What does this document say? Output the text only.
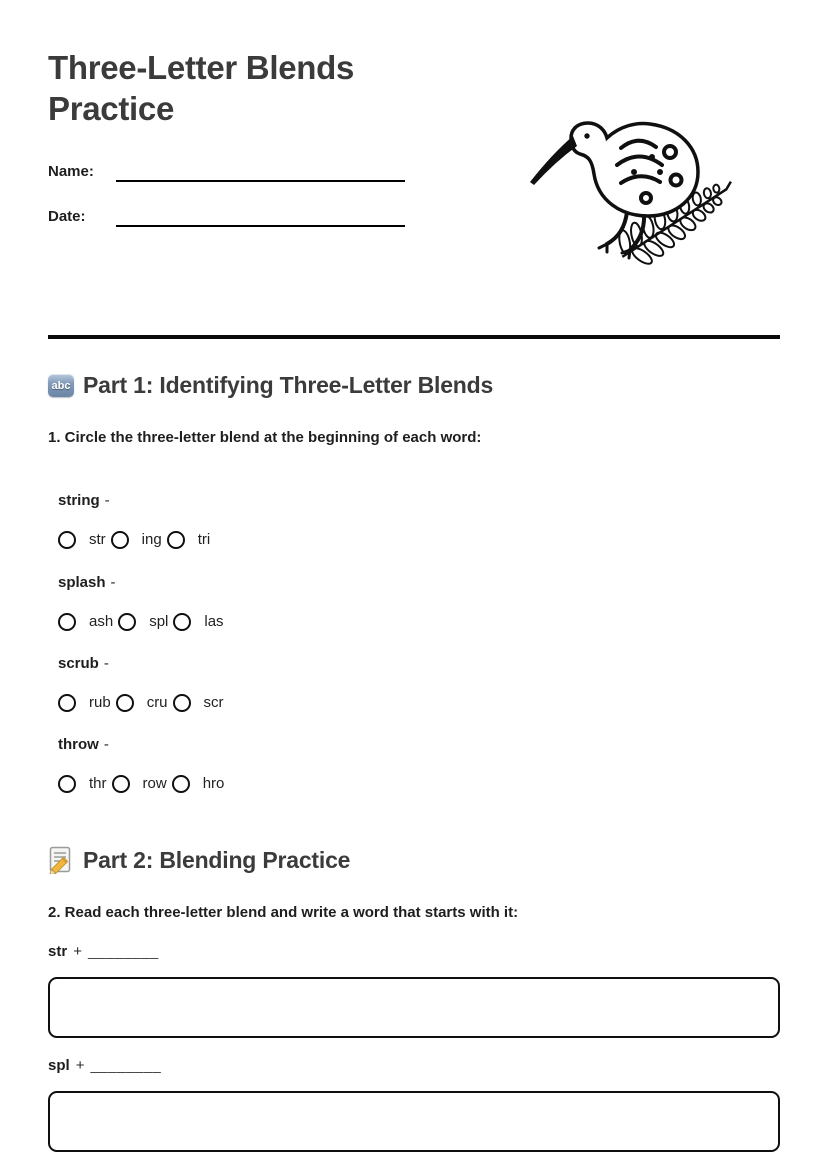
Three-Letter Blends
Practice
Name:
Date:
abc Part 1: Identifying Three-Letter Blends
1. Circle the three-letter blend at the beginning of each word:
string -
str ing tri
splash -
ash spl las
scrub -
rub cru scr
throw -
thr row hro
Part 2: Blending Practice
2. Read each three-letter blend and write a word that starts with it:
str + ________
spl + ________
